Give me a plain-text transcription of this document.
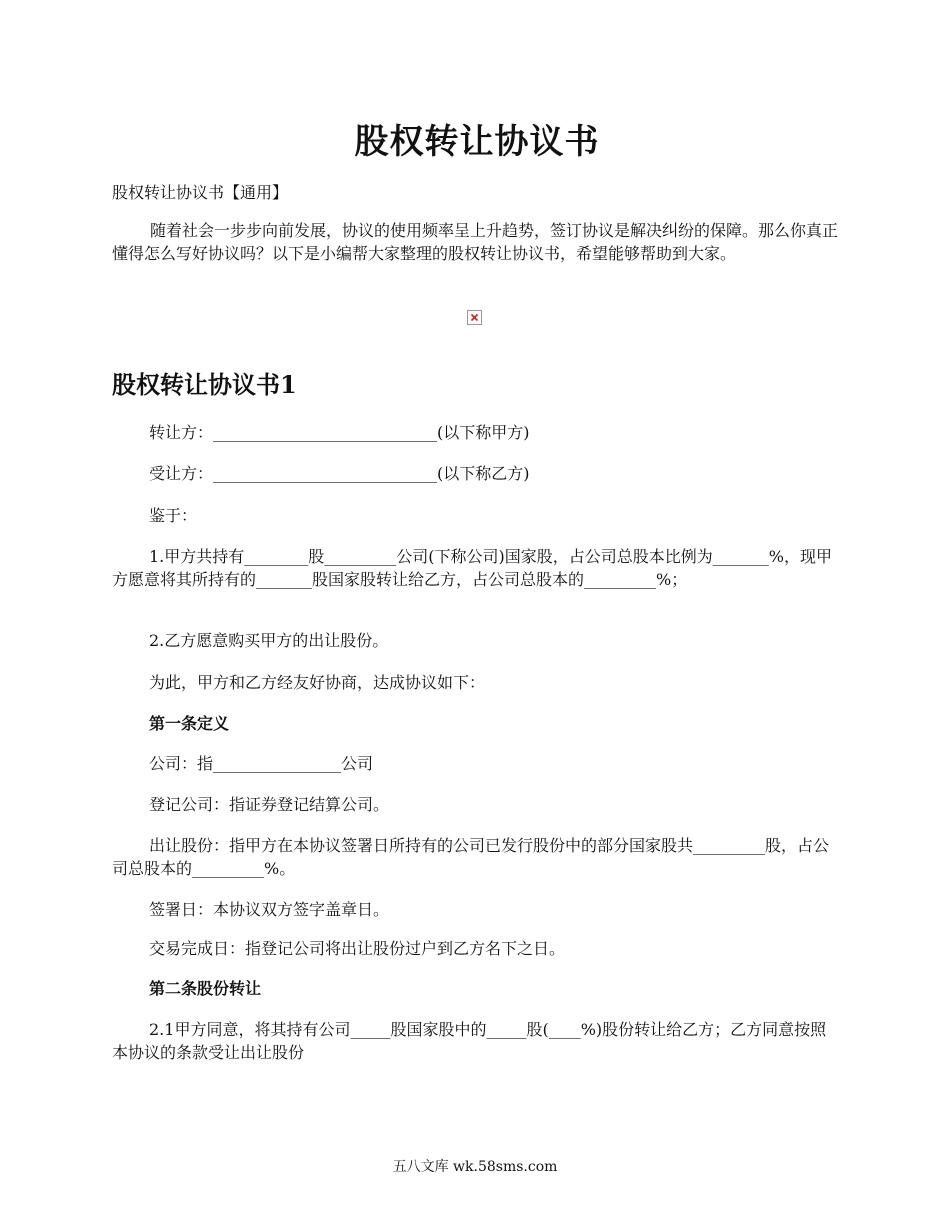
股权转让协议书

股权转让协议书【通用】

随着社会一步步向前发展，协议的使用频率呈上升趋势，签订协议是解决纠纷的保障。那么你真正懂得怎么写好协议吗？以下是小编帮大家整理的股权转让协议书，希望能够帮助到大家。

股权转让协议书1

转让方：____________________________(以下称甲方)

受让方：____________________________(以下称乙方)

鉴于：

1.甲方共持有________股_________公司(下称公司)国家股，占公司总股本比例为_______%，现甲方愿意将其所持有的_______股国家股转让给乙方，占公司总股本的_________%；

2.乙方愿意购买甲方的出让股份。

为此，甲方和乙方经友好协商，达成协议如下：

第一条定义

公司：指________________公司

登记公司：指证券登记结算公司。

出让股份：指甲方在本协议签署日所持有的公司已发行股份中的部分国家股共_________股，占公司总股本的_________%。

签署日：本协议双方签字盖章日。

交易完成日：指登记公司将出让股份过户到乙方名下之日。

第二条股份转让

2.1甲方同意，将其持有公司_____股国家股中的_____股(____%)股份转让给乙方；乙方同意按照本协议的条款受让出让股份

五八文库 wk.58sms.com
